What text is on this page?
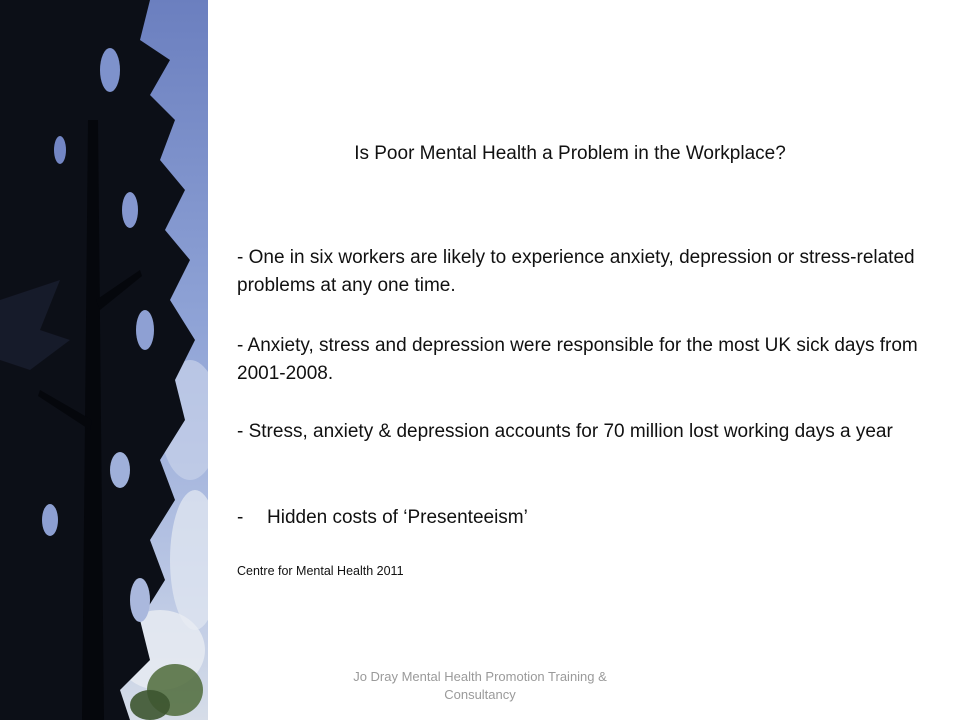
Is Poor Mental Health a Problem in the Workplace?
- One in six workers are likely to experience anxiety, depression or stress-related problems at any one time.
- Anxiety, stress and depression were responsible for the most UK sick days from 2001-2008.
- Stress, anxiety & depression accounts for 70 million lost working days a year
- Hidden costs of ‘Presenteeism’
Centre for Mental Health 2011
Jo Dray Mental Health Promotion Training & Consultancy
